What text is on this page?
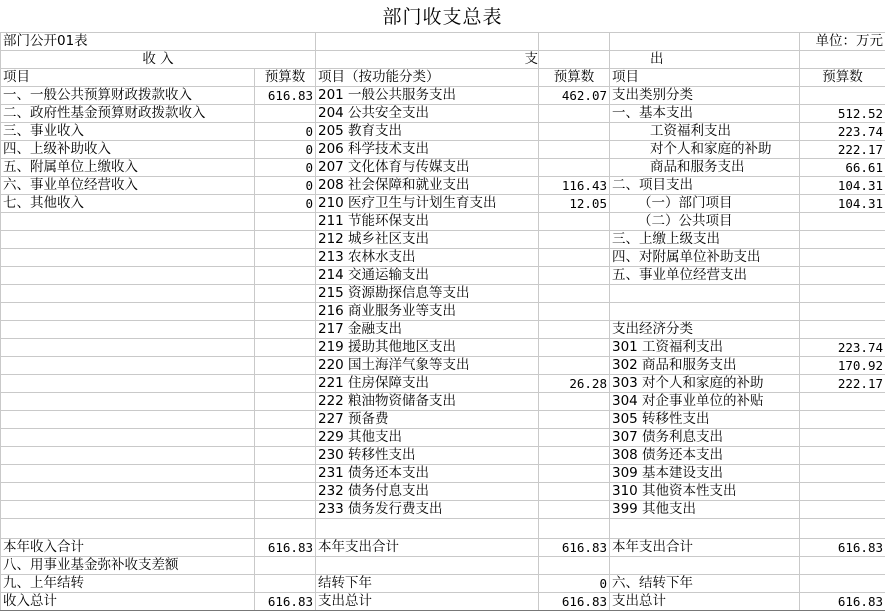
部门收支总表
部门公开01表					单位：万元
收 入		支		出	
项目	预算数	项目（按功能分类）	预算数	项目	预算数
一、一般公共预算财政拨款收入	616.83	201 一般公共服务支出	462.07	支出类别分类	
二、政府性基金预算财政拨款收入		204 公共安全支出		一、基本支出	512.52
三、事业收入	0	205 教育支出		工资福利支出	223.74
四、上级补助收入	0	206 科学技术支出		对个人和家庭的补助	222.17
五、附属单位上缴收入	0	207 文化体育与传媒支出		商品和服务支出	66.61
六、事业单位经营收入	0	208 社会保障和就业支出	116.43	二、项目支出	104.31
七、其他收入	0	210 医疗卫生与计划生育支出	12.05	（一）部门项目	104.31
		211 节能环保支出		（二）公共项目	
		212 城乡社区支出		三、上缴上级支出	
		213 农林水支出		四、对附属单位补助支出	
		214 交通运输支出		五、事业单位经营支出	
		215 资源勘探信息等支出			
		216 商业服务业等支出			
		217 金融支出		支出经济分类	
		219 援助其他地区支出		301 工资福利支出	223.74
		220 国土海洋气象等支出		302 商品和服务支出	170.92
		221 住房保障支出	26.28	303 对个人和家庭的补助	222.17
		222 粮油物资储备支出		304 对企事业单位的补贴	
		227 预备费		305 转移性支出	
		229 其他支出		307 债务利息支出	
		230 转移性支出		308 债务还本支出	
		231 债务还本支出		309 基本建设支出	
		232 债务付息支出		310 其他资本性支出	
		233 债务发行费支出		399 其他支出	

本年收入合计	616.83	本年支出合计	616.83	本年支出合计	616.83
八、用事业基金弥补收支差额					
九、上年结转		结转下年	0	六、结转下年	
收入总计	616.83	支出总计	616.83	支出总计	616.83
